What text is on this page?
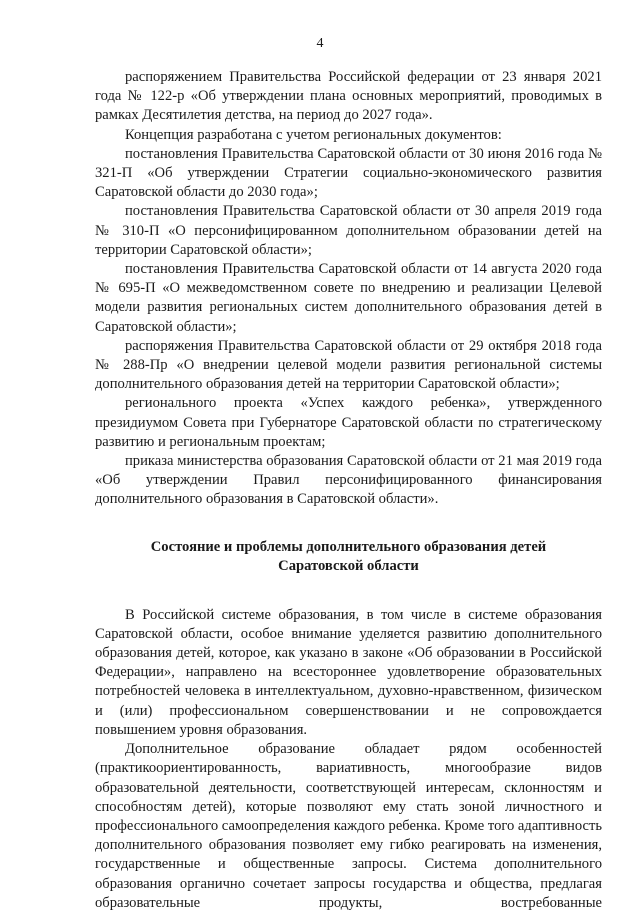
4

распоряжением Правительства Российской федерации от 23 января 2021 года № 122-р «Об утверждении плана основных мероприятий, проводимых в рамках Десятилетия детства, на период до 2027 года».

Концепция разработана с учетом региональных документов:

постановления Правительства Саратовской области от 30 июня 2016 года № 321-П «Об утверждении Стратегии социально-экономического развития Саратовской области до 2030 года»;

постановления Правительства Саратовской области от 30 апреля 2019 года № 310-П «О персонифицированном дополнительном образовании детей на территории Саратовской области»;

постановления Правительства Саратовской области от 14 августа 2020 года № 695-П «О межведомственном совете по внедрению и реализации Целевой модели развития региональных систем дополнительного образования детей в Саратовской области»;

распоряжения Правительства Саратовской области от 29 октября 2018 года № 288-Пр «О внедрении целевой модели развития региональной системы дополнительного образования детей на территории Саратовской области»;

регионального проекта «Успех каждого ребенка», утвержденного президиумом Совета при Губернаторе Саратовской области по стратегическому развитию и региональным проектам;

приказа министерства образования Саратовской области от 21 мая 2019 года «Об утверждении Правил персонифицированного финансирования дополнительного образования в Саратовской области».

Состояние и проблемы дополнительного образования детей
Саратовской области

В Российской системе образования, в том числе в системе образования Саратовской области, особое внимание уделяется развитию дополнительного образования детей, которое, как указано в законе «Об образовании в Российской Федерации», направлено на всестороннее удовлетворение образовательных потребностей человека в интеллектуальном, духовно-нравственном, физическом и (или) профессиональном совершенствовании и не сопровождается повышением уровня образования.

Дополнительное образование обладает рядом особенностей (практикоориентированность, вариативность, многообразие видов образовательной деятельности, соответствующей интересам, склонностям и способностям детей), которые позволяют ему стать зоной личностного и профессионального самоопределения каждого ребенка. Кроме того адаптивность дополнительного образования позволяет ему гибко реагировать на изменения, государственные и общественные запросы. Система дополнительного образования органично сочетает запросы государства и общества, предлагая образовательные продукты, востребованные
